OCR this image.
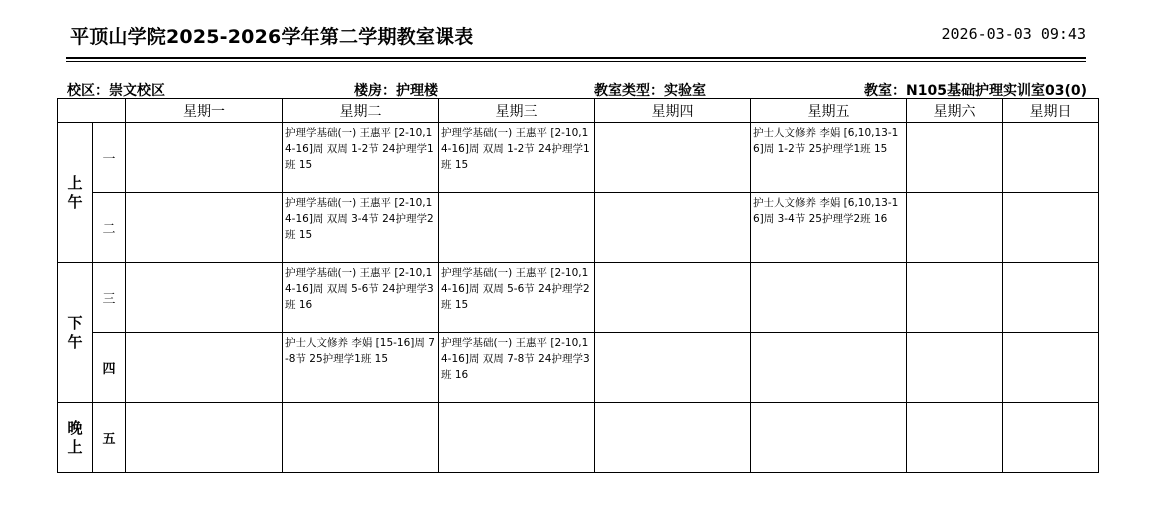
平顶山学院2025-2026学年第二学期教室课表	2026-03-03 09:43
校区 ： 崇文校区	楼房 ： 护理楼	教室类型 ： 实验室	教室 ： N105基础护理实训室03(0)
		星期一	星期二	星期三	星期四	星期五	星期六	星期日

上
午	一		护理学基础(一) 王惠平 [2-10,14-16]周 双周 1-2节 24护理学1班 15	护理学基础(一) 王惠平 [2-10,14-16]周 双周 1-2节 24护理学1班 15		护士人文修养 李娟 [6,10,13-16]周 1-2节 25护理学1班 15		
	二		护理学基础(一) 王惠平 [2-10,14-16]周 双周 3-4节 24护理学2班 15			护士人文修养 李娟 [6,10,13-16]周 3-4节 25护理学2班 16		

下
午	三		护理学基础(一) 王惠平 [2-10,14-16]周 双周 5-6节 24护理学3班 16	护理学基础(一) 王惠平 [2-10,14-16]周 双周 5-6节 24护理学2班 15				
	四		护士人文修养 李娟 [15-16]周 7-8节 25护理学1班 15	护理学基础(一) 王惠平 [2-10,14-16]周 双周 7-8节 24护理学3班 16				

晚
上	五							
